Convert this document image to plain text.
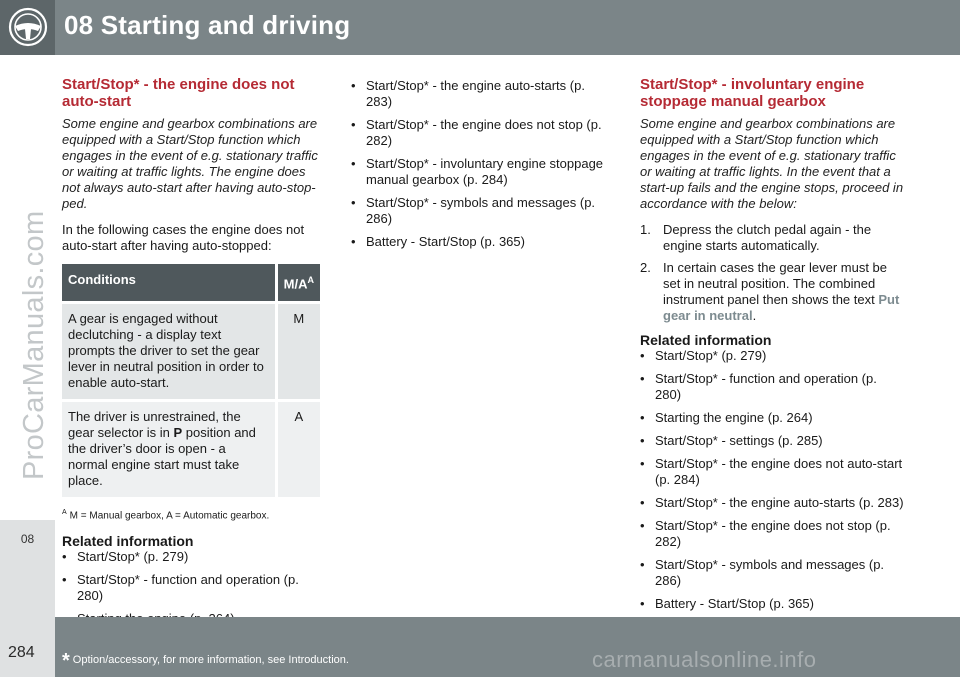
08 Starting and driving
ProCarManuals.com
08
Start/Stop* - the engine does not auto-start

Some engine and gearbox combinations are equipped with a Start/Stop function which engages in the event of e.g. stationary traffic or waiting at traffic lights. The engine does not always auto-start after having auto-stop-ped.

In the following cases the engine does not auto-start after having auto-stopped:

Conditions	$M/A^A$
A gear is engaged without declutching - a display text prompts the driver to set the gear lever in neutral position in order to enable auto-start.	M
The driver is unrestrained, the gear selector is in P position and the driver’s door is open - a normal engine start must take place.	A

$^A$ M = Manual gearbox, A = Automatic gearbox.

Related information
• Start/Stop* (p. 279)
• Start/Stop* - function and operation (p. 280)
•
•
• Start/Stop* - the engine auto-starts (p. 283)
• Start/Stop* - the engine does not stop (p. 282)
• Start/Stop* - involuntary engine stoppage manual gearbox (p. 284)
• Start/Stop* - symbols and messages (p. 286)
• Battery - Start/Stop (p. 365)
Start/Stop* - involuntary engine stoppage manual gearbox

Some engine and gearbox combinations are equipped with a Start/Stop function which engages in the event of e.g. stationary traffic or waiting at traffic lights. In the event that a start-up fails and the engine stops, proceed in accordance with the below:

1. Depress the clutch pedal again - the engine starts automatically.
2. In certain cases the gear lever must be set in neutral position. The combined instrument panel then shows the text Put gear in neutral.
Related information
• Start/Stop* (p. 279)
• Start/Stop* - function and operation (p. 280)
• Starting the engine (p. 264)
• Start/Stop* - settings (p. 285)
• Start/Stop* - the engine does not auto-start (p. 284)
• Start/Stop* - the engine auto-starts (p. 283)
• Start/Stop* - the engine does not stop (p. 282)
• Start/Stop* - symbols and messages (p. 286)
• Battery - Start/Stop (p. 365)
284 * Option/accessory, for more information, see Introduction.	carmanualsonline.info
